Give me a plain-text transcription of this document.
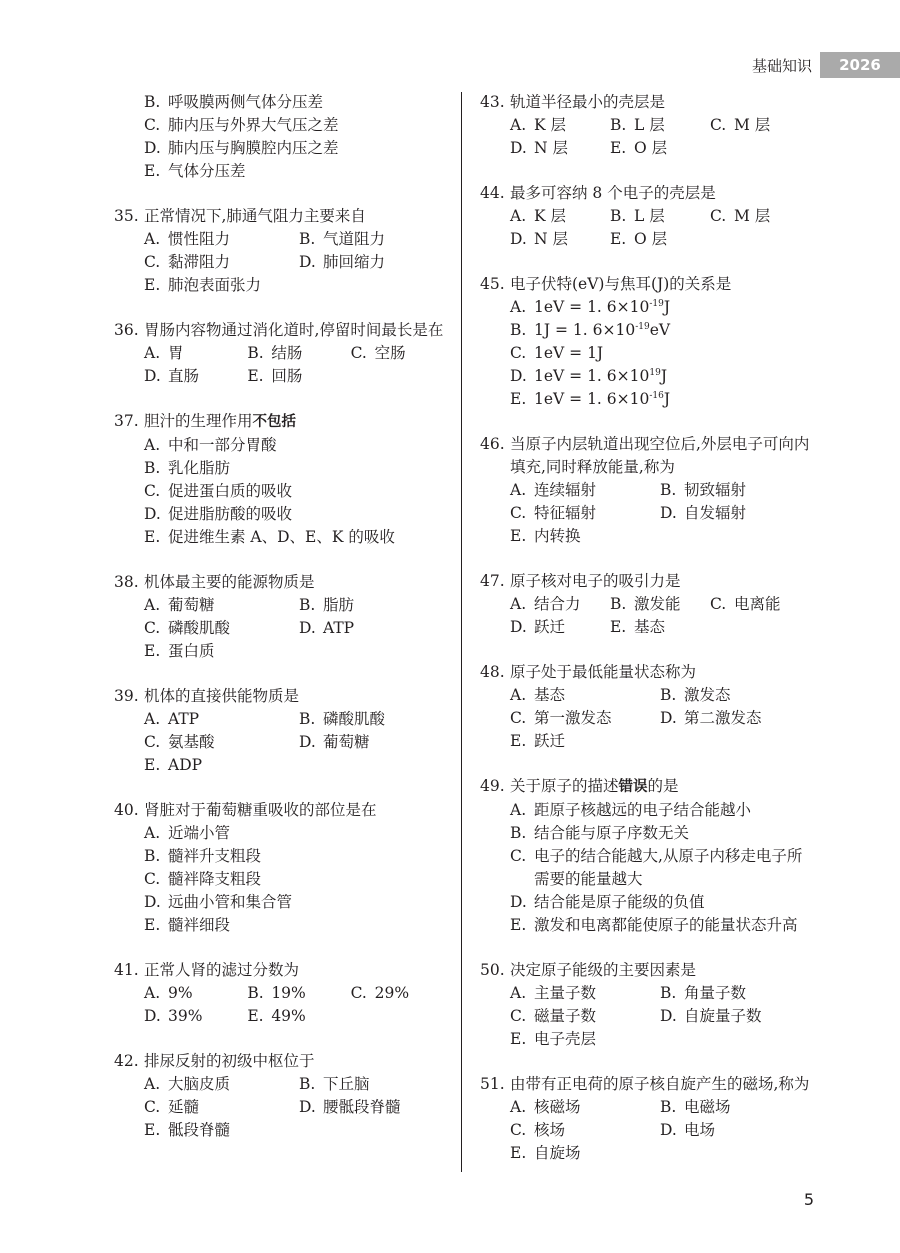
基础知识	2026
B. 呼吸膜两侧气体分压差
C. 肺内压与外界大气压之差
D. 肺内压与胸膜腔内压之差
E. 气体分压差
35. 正常情况下,肺通气阻力主要来自
A. 惯性阻力	B. 气道阻力
C. 黏滞阻力	D. 肺回缩力
E. 肺泡表面张力
36. 胃肠内容物通过消化道时,停留时间最长是在
A. 胃	B. 结肠	C. 空肠
D. 直肠	E. 回肠
37. 胆汁的生理作用不包括
A. 中和一部分胃酸
B. 乳化脂肪
C. 促进蛋白质的吸收
D. 促进脂肪酸的吸收
E. 促进维生素 A、D、E、K 的吸收
38. 机体最主要的能源物质是
A. 葡萄糖	B. 脂肪
C. 磷酸肌酸	D. ATP
E. 蛋白质
39. 机体的直接供能物质是
A. ATP	B. 磷酸肌酸
C. 氨基酸	D. 葡萄糖
E. ADP
40. 肾脏对于葡萄糖重吸收的部位是在
A. 近端小管
B. 髓袢升支粗段
C. 髓袢降支粗段
D. 远曲小管和集合管
E. 髓袢细段
41. 正常人肾的滤过分数为
A. 9%	B. 19%	C. 29%
D. 39%	E. 49%
42. 排尿反射的初级中枢位于
A. 大脑皮质	B. 下丘脑
C. 延髓	D. 腰骶段脊髓
E. 骶段脊髓
43. 轨道半径最小的壳层是
A. K 层	B. L 层	C. M 层
D. N 层	E. O 层
44. 最多可容纳 8 个电子的壳层是
A. K 层	B. L 层	C. M 层
D. N 层	E. O 层
45. 电子伏特(eV)与焦耳(J)的关系是
A. 1eV = 1. $6\times 10^{-19}J$
B. 1J = 1. $6\times 10^{-19}eV$
C. 1eV = 1J
D. 1eV = 1. $6\times 10^{19}J$
E. 1eV = 1. $6\times 10^{-16}J$
46. 当原子内层轨道出现空位后,外层电子可向内填充,同时释放能量,称为
A. 连续辐射	B. 韧致辐射
C. 特征辐射	D. 自发辐射
E. 内转换
47. 原子核对电子的吸引力是
A. 结合力	B. 激发能	C. 电离能
D. 跃迁	E. 基态
48. 原子处于最低能量状态称为
A. 基态	B. 激发态
C. 第一激发态	D. 第二激发态
E. 跃迁
49. 关于原子的描述错误的是
A. 距原子核越远的电子结合能越小
B. 结合能与原子序数无关
C. 电子的结合能越大,从原子内移走电子所需要的能量越大
D. 结合能是原子能级的负值
E. 激发和电离都能使原子的能量状态升高
50. 决定原子能级的主要因素是
A. 主量子数	B. 角量子数
C. 磁量子数	D. 自旋量子数
E. 电子壳层
51. 由带有正电荷的原子核自旋产生的磁场,称为
A. 核磁场	B. 电磁场
C. 核场	D. 电场
E. 自旋场
5
